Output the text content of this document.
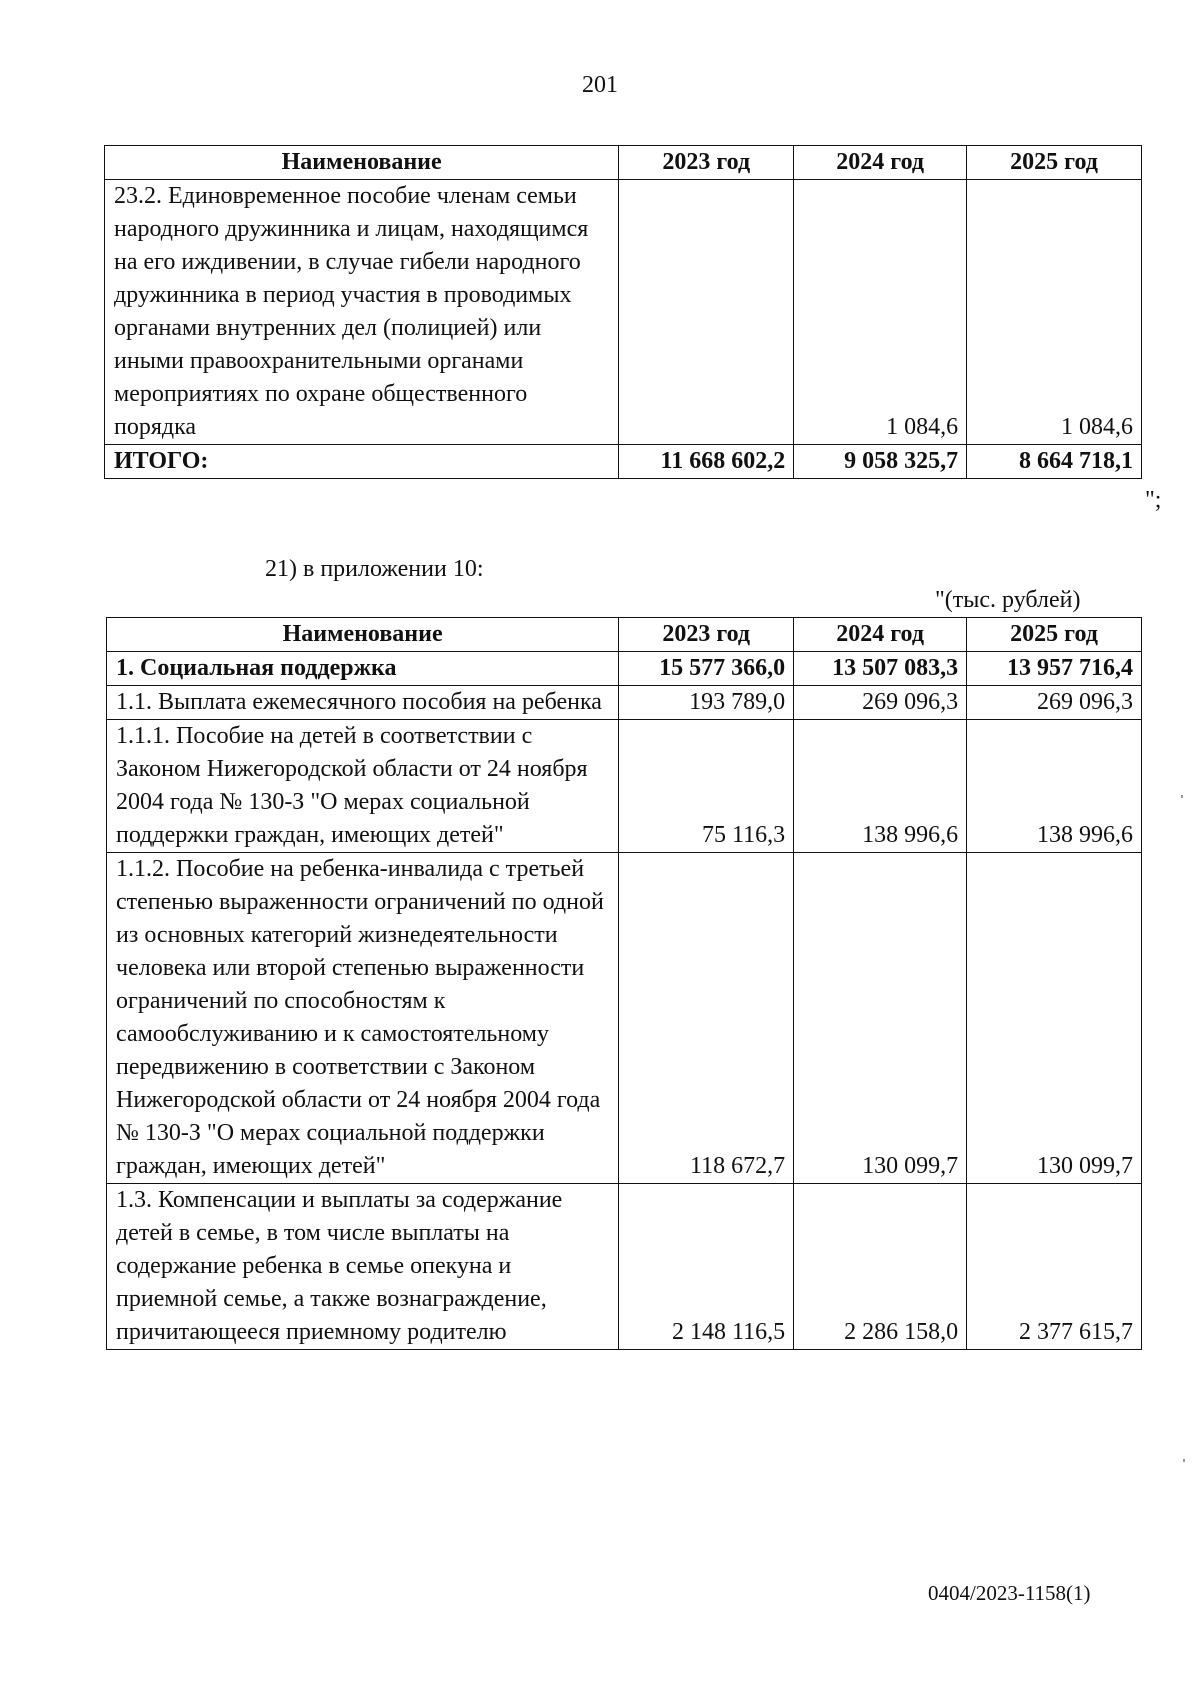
201
Наименование	2023 год	2024 год	2025 год
23.2. Единовременное пособие членам семьи народного дружинника и лицам, находящимся на его иждивении, в случае гибели народного дружинника в период участия в проводимых органами внутренних дел (полицией) или иными правоохранительными органами мероприятиях по охране общественного порядка		1 084,6	1 084,6
ИТОГО:	11 668 602,2	9 058 325,7	8 664 718,1
";
21) в приложении 10:
"(тыс. рублей)
Наименование	2023 год	2024 год	2025 год
1. Социальная поддержка	15 577 366,0	13 507 083,3	13 957 716,4
1.1. Выплата ежемесячного пособия на ребенка	193 789,0	269 096,3	269 096,3
1.1.1. Пособие на детей в соответствии с Законом Нижегородской области от 24 ноября 2004 года № 130-З "О мерах социальной поддержки граждан, имеющих детей"	75 116,3	138 996,6	138 996,6
1.1.2. Пособие на ребенка-инвалида с третьей степенью выраженности ограничений по одной из основных категорий жизнедеятельности человека или второй степенью выраженности ограничений по способностям к самообслуживанию и к самостоятельному передвижению в соответствии с Законом Нижегородской области от 24 ноября 2004 года № 130-З "О мерах социальной поддержки граждан, имеющих детей"	118 672,7	130 099,7	130 099,7
1.3. Компенсации и выплаты за содержание детей в семье, в том числе выплаты на содержание ребенка в семье опекуна и приемной семье, а также вознаграждение, причитающееся приемному родителю	2 148 116,5	2 286 158,0	2 377 615,7
0404/2023-1158(1)
